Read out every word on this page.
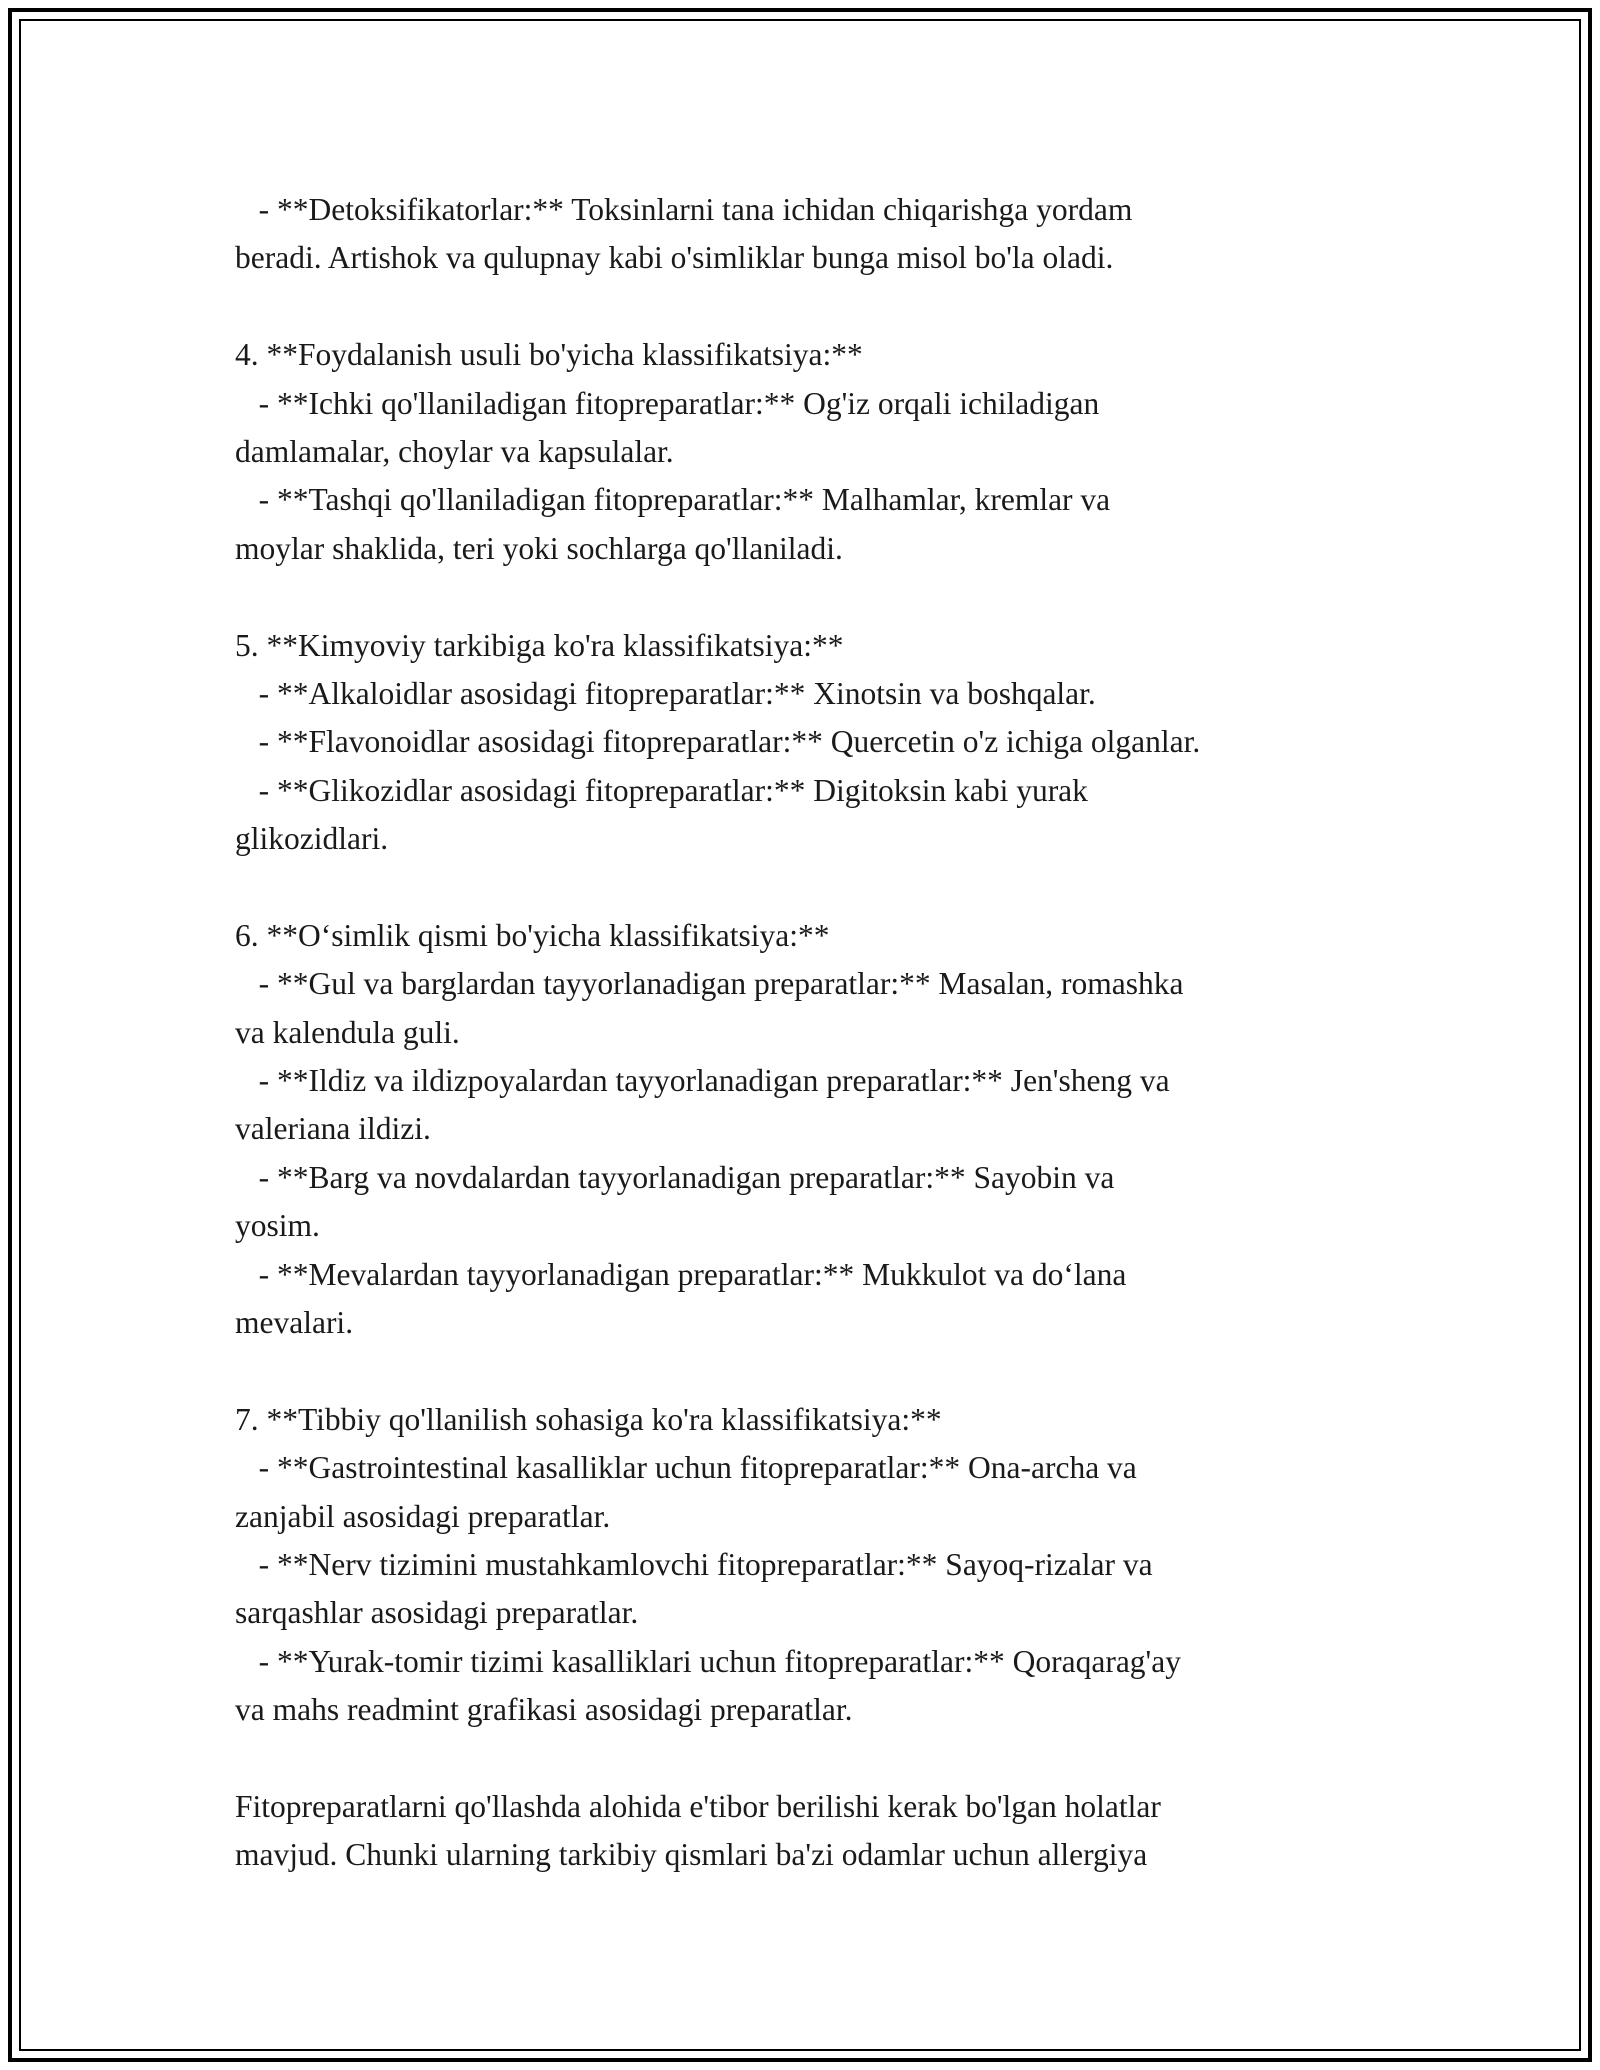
- **Detoksifikatorlar:** Toksinlarni tana ichidan chiqarishga yordam
beradi. Artishok va qulupnay kabi o'simliklar bunga misol bo'la oladi.
4. **Foydalanish usuli bo'yicha klassifikatsiya:**
- **Ichki qo'llaniladigan fitopreparatlar:** Og'iz orqali ichiladigan
damlamalar, choylar va kapsulalar.
- **Tashqi qo'llaniladigan fitopreparatlar:** Malhamlar, kremlar va
moylar shaklida, teri yoki sochlarga qo'llaniladi.
5. **Kimyoviy tarkibiga ko'ra klassifikatsiya:**
- **Alkaloidlar asosidagi fitopreparatlar:** Xinotsin va boshqalar.
- **Flavonoidlar asosidagi fitopreparatlar:** Quercetin o'z ichiga olganlar.
- **Glikozidlar asosidagi fitopreparatlar:** Digitoksin kabi yurak
glikozidlari.
6. **O‘simlik qismi bo'yicha klassifikatsiya:**
- **Gul va barglardan tayyorlanadigan preparatlar:** Masalan, romashka
va kalendula guli.
- **Ildiz va ildizpoyalardan tayyorlanadigan preparatlar:** Jen'sheng va
valeriana ildizi.
- **Barg va novdalardan tayyorlanadigan preparatlar:** Sayobin va
yosim.
- **Mevalardan tayyorlanadigan preparatlar:** Mukkulot va do‘lana
mevalari.
7. **Tibbiy qo'llanilish sohasiga ko'ra klassifikatsiya:**
- **Gastrointestinal kasalliklar uchun fitopreparatlar:** Ona-archa va
zanjabil asosidagi preparatlar.
- **Nerv tizimini mustahkamlovchi fitopreparatlar:** Sayoq-rizalar va
sarqashlar asosidagi preparatlar.
- **Yurak-tomir tizimi kasalliklari uchun fitopreparatlar:** Qoraqarag'ay
va mahs readmint grafikasi asosidagi preparatlar.
Fitopreparatlarni qo'llashda alohida e'tibor berilishi kerak bo'lgan holatlar
mavjud. Chunki ularning tarkibiy qismlari ba'zi odamlar uchun allergiya
